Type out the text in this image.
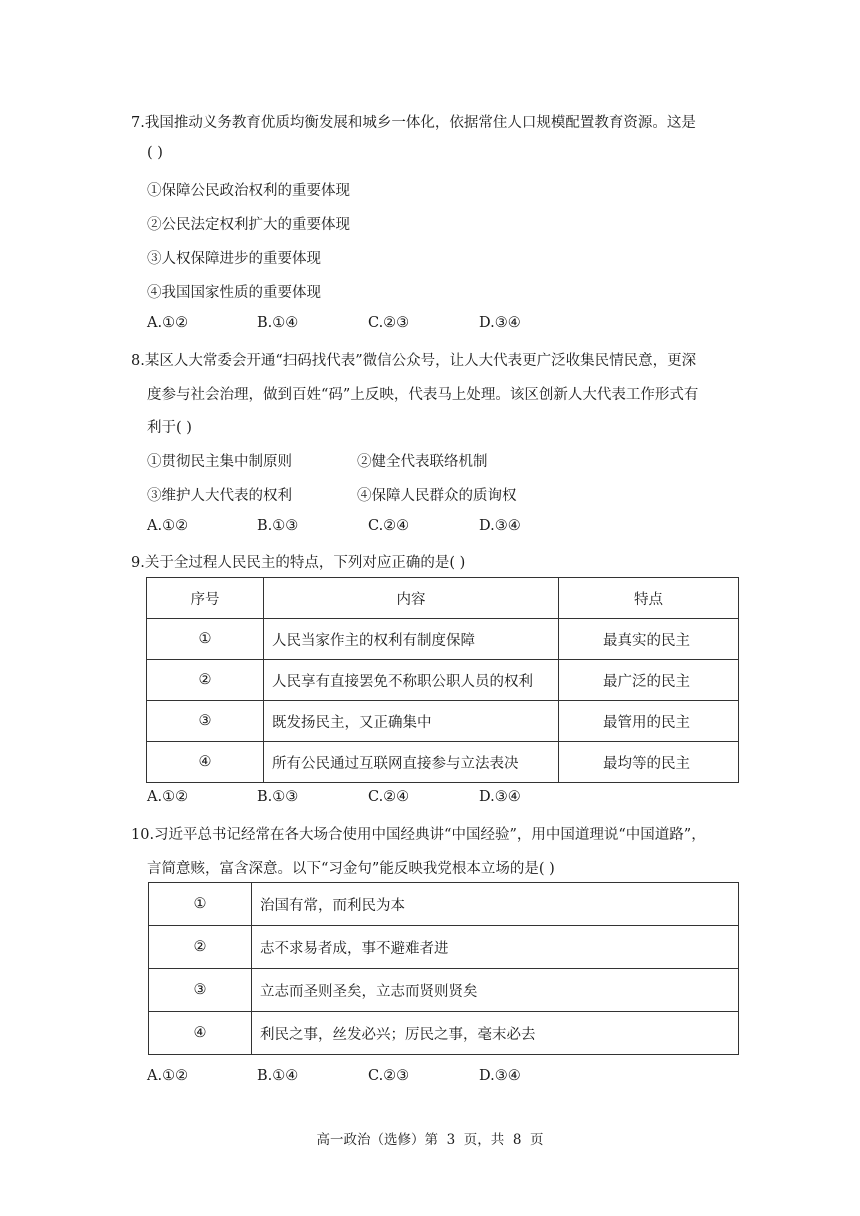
7.我国推动义务教育优质均衡发展和城乡一体化，依据常住人口规模配置教育资源。这是
( )
①保障公民政治权利的重要体现
②公民法定权利扩大的重要体现
③人权保障进步的重要体现
④我国国家性质的重要体现
A.①②	B.①④	C.②③	D.③④
8.某区人大常委会开通“扫码找代表”微信公众号，让人大代表更广泛收集民情民意，更深
度参与社会治理，做到百姓“码”上反映，代表马上处理。该区创新人大代表工作形式有
利于( )
①贯彻民主集中制原则	②健全代表联络机制
③维护人大代表的权利	④保障人民群众的质询权
A.①②	B.①③	C.②④	D.③④
9.关于全过程人民民主的特点，下列对应正确的是( )
序号	内容	特点
①	人民当家作主的权利有制度保障	最真实的民主
②	人民享有直接罢免不称职公职人员的权利	最广泛的民主
③	既发扬民主，又正确集中	最管用的民主
④	所有公民通过互联网直接参与立法表决	最均等的民主
A.①②	B.①③	C.②④	D.③④
10.习近平总书记经常在各大场合使用中国经典讲“中国经验”，用中国道理说“中国道路”，
言简意赅，富含深意。以下“习金句”能反映我党根本立场的是( )
①	治国有常，而利民为本
②	志不求易者成，事不避难者进
③	立志而圣则圣矣，立志而贤则贤矣
④	利民之事，丝发必兴；厉民之事，毫末必去
A.①②	B.①④	C.②③	D.③④
高一政治（选修）第  3  页，共  8  页
